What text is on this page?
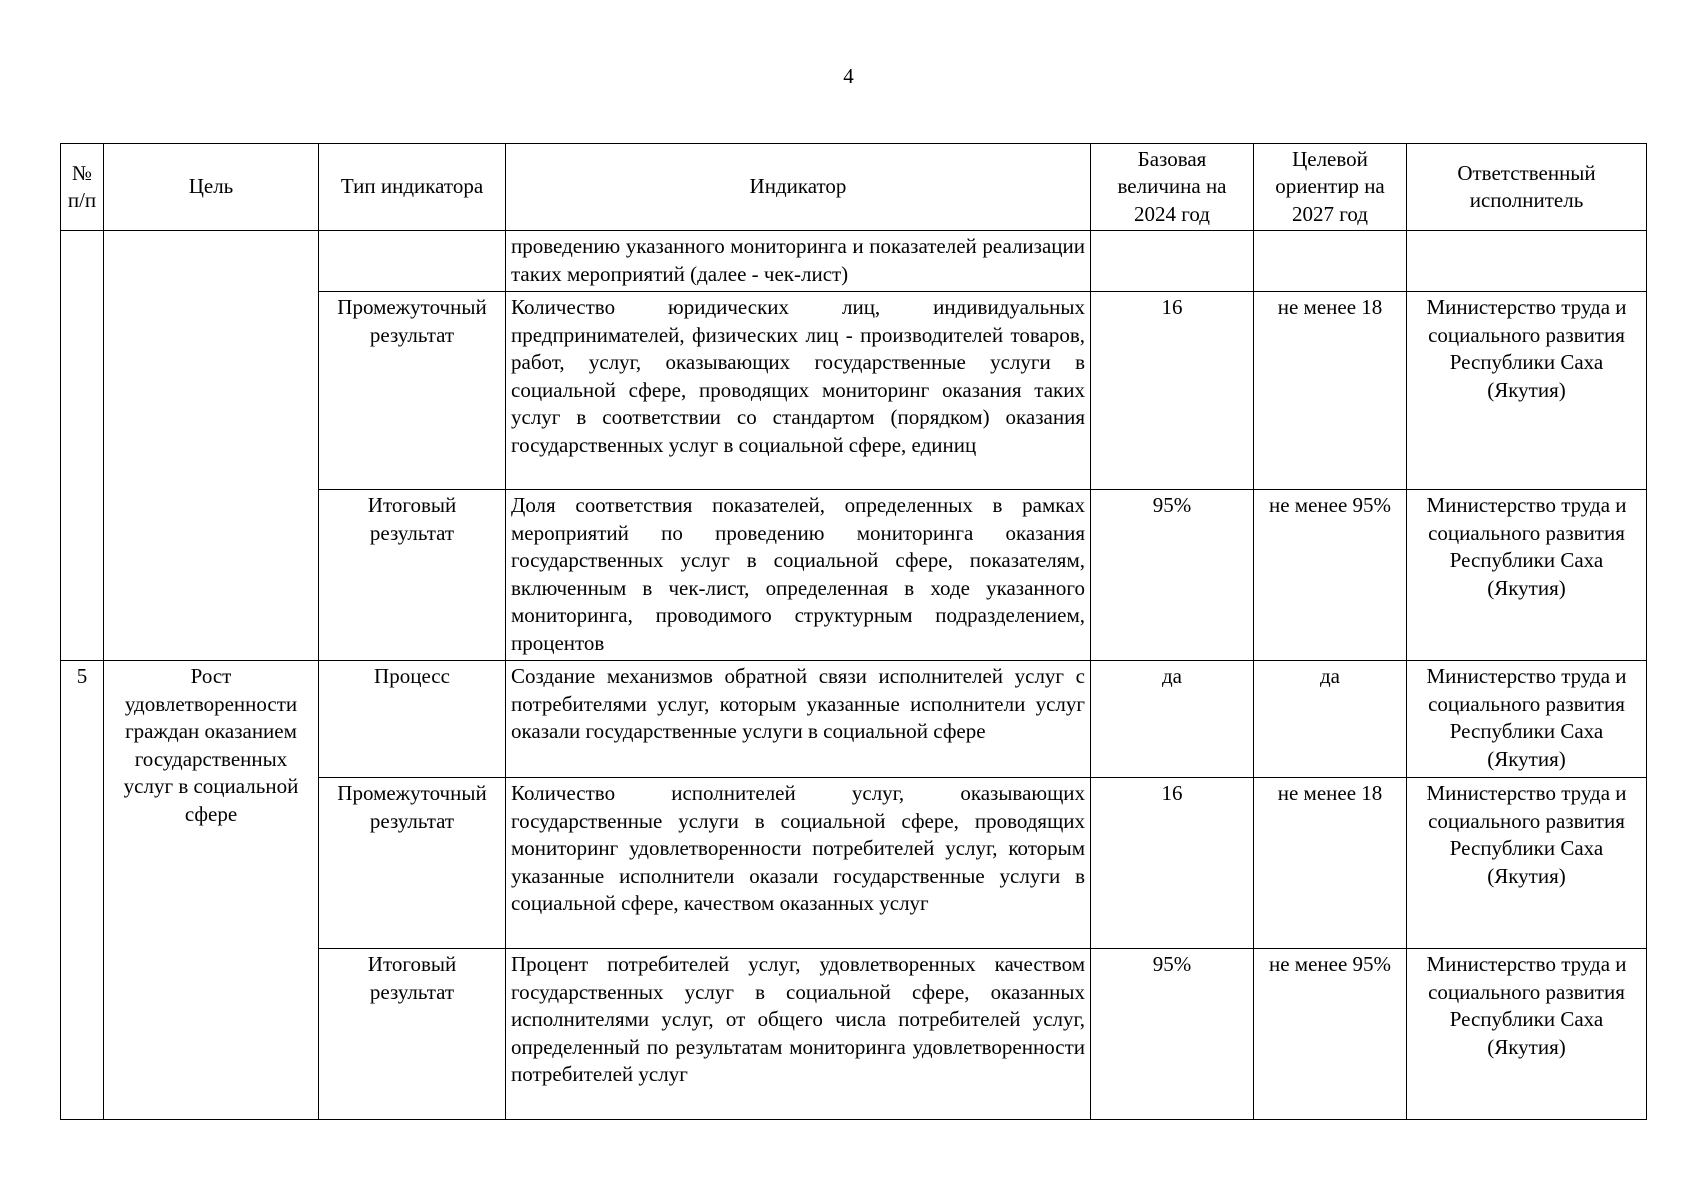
4
№ п/п	Цель	Тип индикатора	Индикатор	Базовая величина на 2024 год	Целевой ориентир на 2027 год	Ответственный исполнитель
			проведению указанного мониторинга и показателей реализации таких мероприятий (далее - чек-лист)			
		Промежуточный результат	Количество юридических лиц, индивидуальных предпринимателей, физических лиц - производителей товаров, работ, услуг, оказывающих государственные услуги в социальной сфере, проводящих мониторинг оказания таких услуг в соответствии со стандартом (порядком) оказания государственных услуг в социальной сфере, единиц	16	не менее 18	Министерство труда и социального развития Республики Саха (Якутия)
		Итоговый результат	Доля соответствия показателей, определенных в рамках мероприятий по проведению мониторинга оказания государственных услуг в социальной сфере, показателям, включенным в чек-лист, определенная в ходе указанного мониторинга, проводимого структурным подразделением, процентов	95%	не менее 95%	Министерство труда и социального развития Республики Саха (Якутия)
5	Рост удовлетворенности граждан оказанием государственных услуг в социальной сфере	Процесс	Создание механизмов обратной связи исполнителей услуг с потребителями услуг, которым указанные исполнители услуг оказали государственные услуги в социальной сфере	да	да	Министерство труда и социального развития Республики Саха (Якутия)
		Промежуточный результат	Количество исполнителей услуг, оказывающих государственные услуги в социальной сфере, проводящих мониторинг удовлетворенности потребителей услуг, которым указанные исполнители оказали государственные услуги в социальной сфере, качеством оказанных услуг	16	не менее 18	Министерство труда и социального развития Республики Саха (Якутия)
		Итоговый результат	Процент потребителей услуг, удовлетворенных качеством государственных услуг в социальной сфере, оказанных исполнителями услуг, от общего числа потребителей услуг, определенный по результатам мониторинга удовлетворенности потребителей услуг	95%	не менее 95%	Министерство труда и социального развития Республики Саха (Якутия)
